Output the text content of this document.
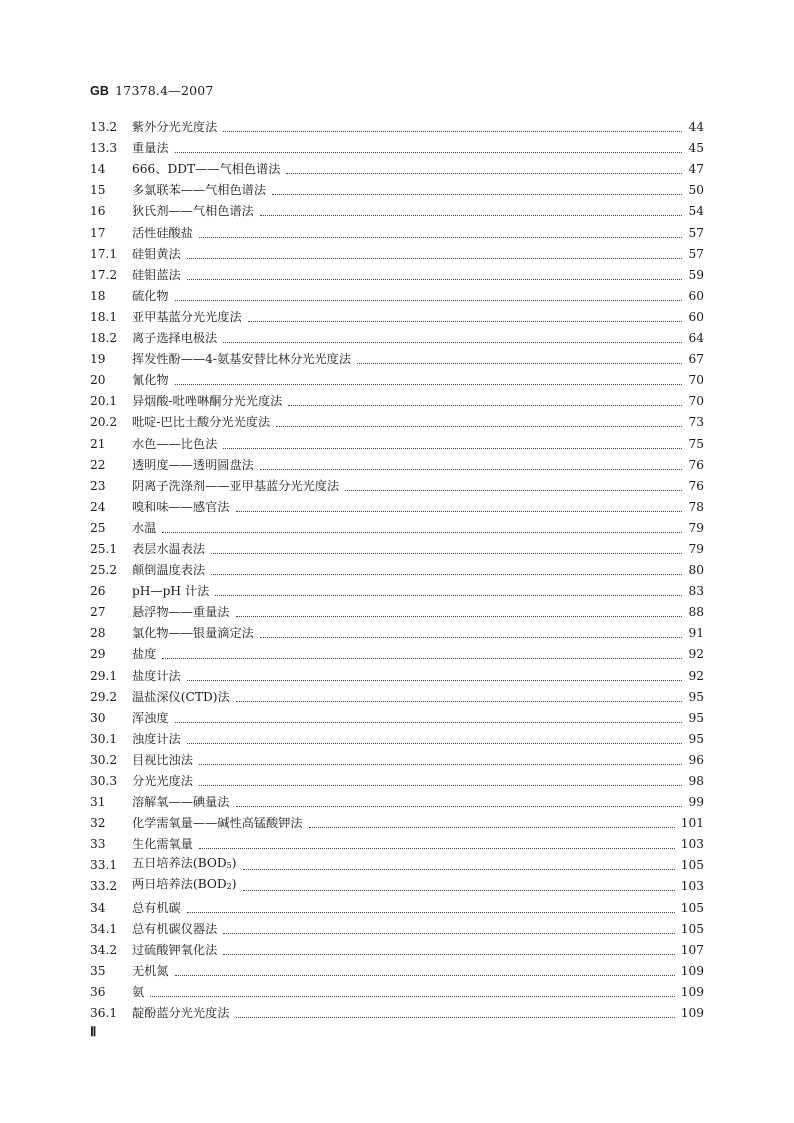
GB 17378.4—2007
13.2	紫外分光光度法	44
13.3	重量法	45
14	666、DDT——气相色谱法	47
15	多氯联苯——气相色谱法	50
16	狄氏剂——气相色谱法	54
17	活性硅酸盐	57
17.1	硅钼黄法	57
17.2	硅钼蓝法	59
18	硫化物	60
18.1	亚甲基蓝分光光度法	60
18.2	离子选择电极法	64
19	挥发性酚——4-氨基安替比林分光光度法	67
20	氰化物	70
20.1	异烟酸-吡唑啉酮分光光度法	70
20.2	吡啶-巴比土酸分光光度法	73
21	水色——比色法	75
22	透明度——透明圆盘法	76
23	阴离子洗涤剂——亚甲基蓝分光光度法	76
24	嗅和味——感官法	78
25	水温	79
25.1	表层水温表法	79
25.2	颠倒温度表法	80
26	pH—pH 计法	83
27	悬浮物——重量法	88
28	氯化物——银量滴定法	91
29	盐度	92
29.1	盐度计法	92
29.2	温盐深仪(CTD)法	95
30	浑浊度	95
30.1	浊度计法	95
30.2	目视比浊法	96
30.3	分光光度法	98
31	溶解氧——碘量法	99
32	化学需氧量——碱性高锰酸钾法	101
33	生化需氧量	103
33.1	五日培养法$(BOD_5)$	105
33.2	两日培养法$(BOD_2)$	103
34	总有机碳	105
34.1	总有机碳仪器法	105
34.2	过硫酸钾氧化法	107
35	无机氮	109
36	氨	109
36.1	靛酚蓝分光光度法	109
Ⅱ
